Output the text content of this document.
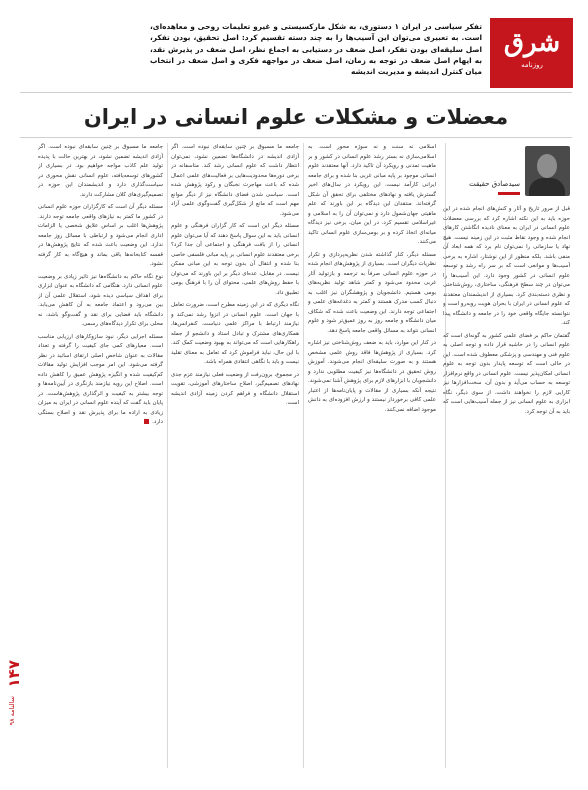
شرق
روزنامه
تفکر سیاسی در ایران ۱ دستوری، به شکل مارکسیستی و غیرو تعلیمات روحی و معاهده‌ای، است. به تعبیری می‌توان این آسیب‌ها را به چند دسته تقسیم کرد: اصل تحقیق، بودن تفکر، اصل سلیقه‌ای بودن تفکر، اصل ضعف در دستیابی به اجماع نظر، اصل ضعف در پذیرش نقد، به ایهام اصل ضعف در توجه به زمان، اصل ضعف در مواجهه فکری و اصل ضعف در انتخاب میان کنترل اندیشه و مدیریت اندیشه
معضلات و مشکلات علوم انسانی در ایران
سیدصادق حقیقت

قبل از مرور تاریخ و آثار و کنش‌های انجام شده در این حوزه باید به این نکته اشاره کرد که بررسی معضلات علوم انسانی در ایران به معنای نادیده انگاشتن کارهای انجام شده و وجود نقاط مثبت در این زمینه نیست. هیچ نهاد یا سازمانی را نمی‌توان نام برد که همه ابعاد آن منفی باشد. بلکه منظور از این نوشتار، اشاره به برخی آسیب‌ها و موانعی است که بر سر راه رشد و توسعه علوم انسانی در کشور وجود دارد. این آسیب‌ها را می‌توان در چند سطح فرهنگی، ساختاری، روش‌شناختی و نظری دسته‌بندی کرد. بسیاری از اندیشمندان معتقدند که علوم انسانی در ایران با بحران هویت روبه‌رو است و نتوانسته جایگاه واقعی خود را در جامعه و دانشگاه پیدا کند.

گفتمان حاکم بر فضای علمی کشور به گونه‌ای است که علوم انسانی را در حاشیه قرار داده و توجه اصلی به علوم فنی و مهندسی و پزشکی معطوف شده است. این در حالی است که توسعه پایدار بدون توجه به علوم انسانی امکان‌پذیر نیست. علوم انسانی در واقع نرم‌افزار توسعه به حساب می‌آید و بدون آن، سخت‌افزارها نیز کارایی لازم را نخواهند داشت. از سوی دیگر، نگاه ابزاری به علوم انسانی نیز از جمله آسیب‌هایی است که باید به آن توجه کرد.

اسلامی نه سنت و نه سوژه محور است. به اسلامی‌سازی نه بستر رشد علوم انسانی در کشور و بر ماهیت تمدنی و رویکرد آن تاکید دارد. آنها معتقدند علوم انسانی موجود بر پایه مبانی غربی بنا شده و برای جامعه ایرانی کارآمد نیست. این رویکرد در سال‌های اخیر گسترش یافته و نهادهای مختلفی برای تحقق آن شکل گرفته‌اند. منتقدان این دیدگاه بر این باورند که علم ماهیتی جهان‌شمول دارد و نمی‌توان آن را به اسلامی و غیراسلامی تقسیم کرد. در این میان، برخی نیز دیدگاه میانه‌ای اتخاذ کرده و بر بومی‌سازی علوم انسانی تاکید می‌کنند.

مسئله دیگر، کنار گذاشته شدن نظریه‌پردازی و تکرار نظریات دیگران است. بسیاری از پژوهش‌های انجام شده در حوزه علوم انسانی صرفاً به ترجمه و بازتولید آثار غربی محدود می‌شود و کمتر شاهد تولید نظریه‌های بومی هستیم. دانشجویان و پژوهشگران نیز اغلب به دنبال کسب مدرک هستند و کمتر به دغدغه‌های علمی و اجتماعی توجه دارند. این وضعیت باعث شده که شکاف میان دانشگاه و جامعه روز به روز عمیق‌تر شود و علوم انسانی نتواند به مسائل واقعی جامعه پاسخ دهد.

در کنار این موارد، باید به ضعف روش‌شناختی نیز اشاره کرد. بسیاری از پژوهش‌ها فاقد روش علمی مشخص هستند و به صورت سلیقه‌ای انجام می‌شوند. آموزش روش تحقیق در دانشگاه‌ها نیز کیفیت مطلوبی ندارد و دانشجویان با ابزارهای لازم برای پژوهش آشنا نمی‌شوند. نتیجه آنکه بسیاری از مقالات و پایان‌نامه‌ها از اعتبار علمی کافی برخوردار نیستند و ارزش افزوده‌ای به دانش موجود اضافه نمی‌کنند.

جامعه ما مسبوق بر چنین سابقه‌ای نبوده است. اگر آزادی اندیشه در دانشگاه‌ها تضمین نشود، نمی‌توان انتظار داشت که علوم انسانی رشد کند. متاسفانه در برخی دوره‌ها محدودیت‌هایی بر فعالیت‌های علمی اعمال شده که باعث مهاجرت نخبگان و رکود پژوهش شده است. سیاسی شدن فضای دانشگاه نیز از دیگر موانع مهم است که مانع از شکل‌گیری گفت‌وگوی علمی آزاد می‌شود.

مسئله دیگر این است که کار گزاران فرهنگی و علوم انسانی باید به این سوال پاسخ دهند که آیا می‌توان علوم انسانی را از بافت فرهنگی و اجتماعی آن جدا کرد؟ برخی معتقدند علوم انسانی بر پایه مبانی فلسفی خاصی بنا شده و انتقال آن بدون توجه به این مبانی ممکن نیست. در مقابل، عده‌ای دیگر بر این باورند که می‌توان با حفظ روش‌های علمی، محتوای آن را با فرهنگ بومی تطبیق داد.

نگاه دیگری که در این زمینه مطرح است، ضرورت تعامل با جهان است. علوم انسانی در انزوا رشد نمی‌کند و نیازمند ارتباط با مراکز علمی دنیاست. کنفرانس‌ها، همکاری‌های مشترک و تبادل استاد و دانشجو از جمله راهکارهایی است که می‌تواند به بهبود وضعیت کمک کند. با این حال، نباید فراموش کرد که تعامل به معنای تقلید نیست و باید با نگاهی انتقادی همراه باشد.

در مجموع، برون‌رفت از وضعیت فعلی نیازمند عزم جدی نهادهای تصمیم‌گیر، اصلاح ساختارهای آموزشی، تقویت استقلال دانشگاه و فراهم کردن زمینه آزادی اندیشه است.

جامعه ما مسبوق بر چنین سابقه‌ای نبوده است. اگر آزادی اندیشه تضمین نشود، در بهترین حالت با پدیده تولید علم کاذب مواجه خواهیم بود. در بسیاری از کشورهای توسعه‌یافته، علوم انسانی نقش محوری در سیاست‌گذاری دارد و اندیشمندان این حوزه در تصمیم‌گیری‌های کلان مشارکت دارند.

مسئله دیگر آن است که کارگزاران حوزه علوم انسانی در کشور ما کمتر به نیازهای واقعی جامعه توجه دارند. پژوهش‌ها اغلب بر اساس علایق شخصی یا الزامات اداری انجام می‌شود و ارتباطی با مسائل روز جامعه ندارد. این وضعیت باعث شده که نتایج پژوهش‌ها در قفسه کتابخانه‌ها باقی بماند و هیچ‌گاه به کار گرفته نشود.

نوع نگاه حاکم به دانشگاه‌ها نیز تاثیر زیادی بر وضعیت علوم انسانی دارد. هنگامی که دانشگاه به عنوان ابزاری برای اهداف سیاسی دیده شود، استقلال علمی آن از بین می‌رود و اعتماد جامعه به آن کاهش می‌یابد. دانشگاه باید فضایی برای نقد و گفت‌وگو باشد، نه محلی برای تکرار دیدگاه‌های رسمی.

مسئله اجرایی دیگر، نبود سازوکارهای ارزیابی مناسب است. معیارهای کمی جای کیفیت را گرفته و تعداد مقالات به عنوان شاخص اصلی ارتقای اساتید در نظر گرفته می‌شود. این امر موجب افزایش تولید مقالات کم‌کیفیت شده و انگیزه پژوهش عمیق را کاهش داده است. اصلاح این رویه نیازمند بازنگری در آیین‌نامه‌ها و توجه بیشتر به کیفیت و اثرگذاری پژوهش‌هاست. در پایان باید گفت که آینده علوم انسانی در ایران به میزان زیادی به اراده ما برای پذیرش نقد و اصلاح بستگی دارد.

۱۴۷
سالنامه ۹۸
